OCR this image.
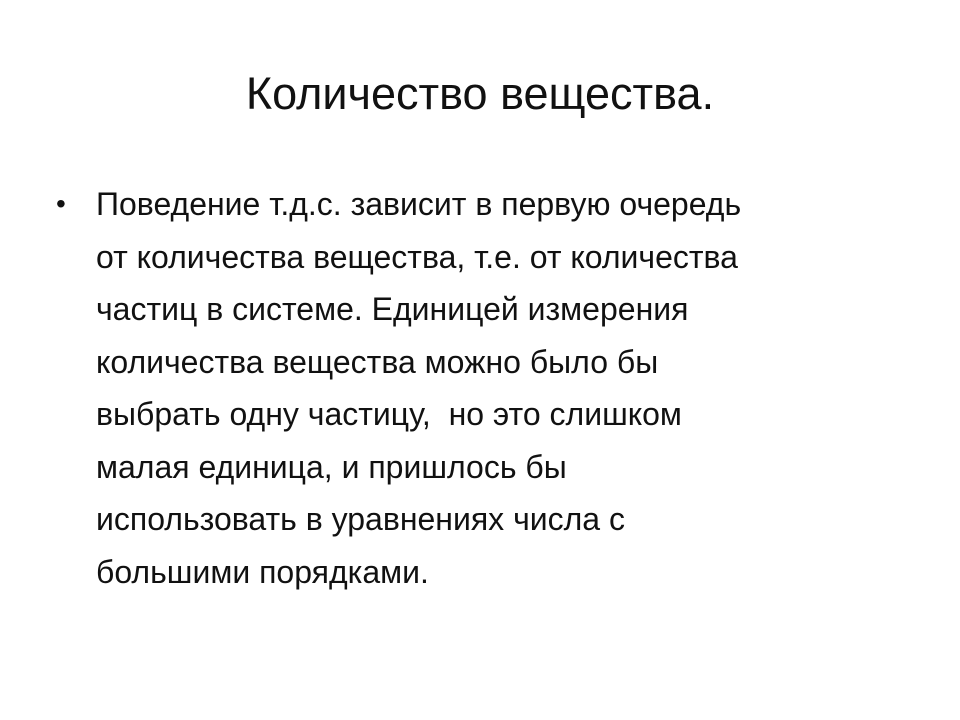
Количество вещества.
• Поведение т.д.с. зависит в первую очередь
от количества вещества, т.е. от количества
частиц в системе. Единицей измерения
количества вещества можно было бы
выбрать одну частицу,  но это слишком
малая единица, и пришлось бы
использовать в уравнениях числа с
большими порядками.
